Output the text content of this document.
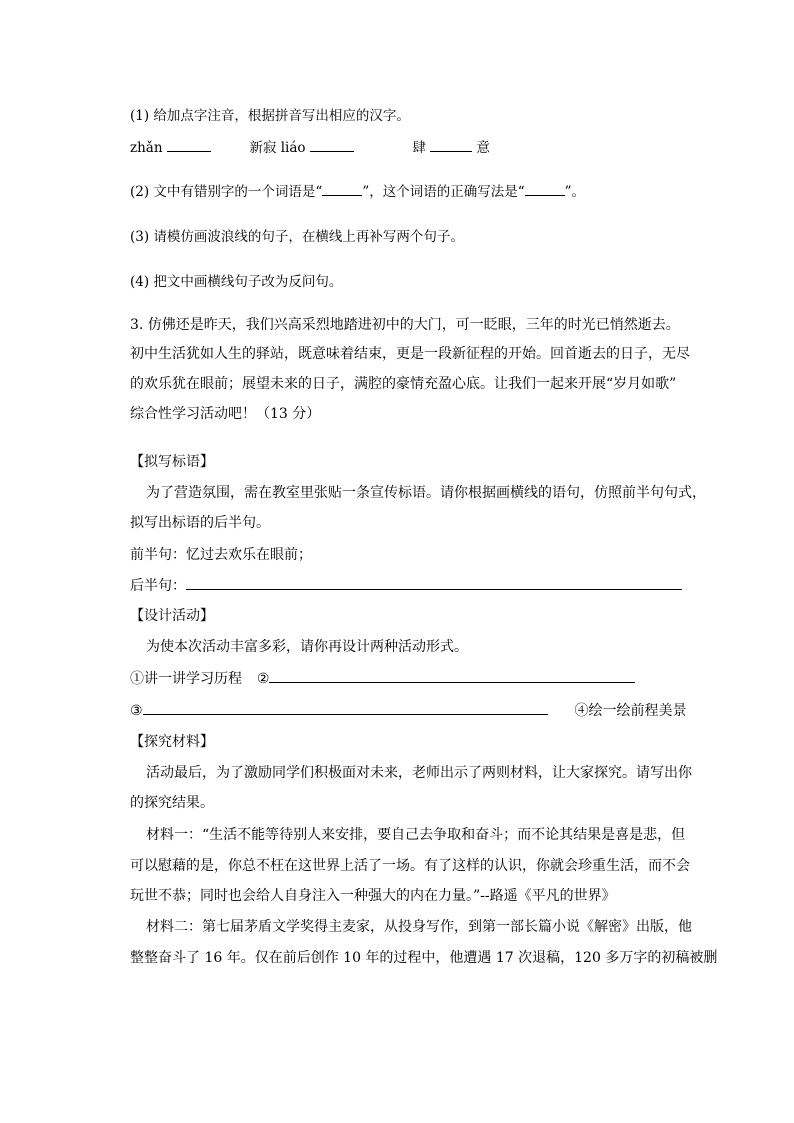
(1) 给加点字注音，根据拼音写出相应的汉字。
zhǎn	新寂 liáo	肆	意
(2) 文中有错别字的一个词语是“	”，这个词语的正确写法是“	”。
(3) 请模仿画波浪线的句子，在横线上再补写两个句子。
(4) 把文中画横线句子改为反问句。
3. 仿佛还是昨天，我们兴高采烈地踏进初中的大门，可一眨眼，三年的时光已悄然逝去。
初中生活犹如人生的驿站，既意味着结束，更是一段新征程的开始。回首逝去的日子，无尽
的欢乐犹在眼前；展望未来的日子，满腔的豪情充盈心底。让我们一起来开展“岁月如歌”
综合性学习活动吧！（13 分）
【拟写标语】
为了营造氛围，需在教室里张贴一条宣传标语。请你根据画横线的语句，仿照前半句句式，
拟写出标语的后半句。
前半句：忆过去欢乐在眼前；
后半句：
【设计活动】
为使本次活动丰富多彩，请你再设计两种活动形式。
①讲一讲学习历程 ②
③	④绘一绘前程美景
【探究材料】
活动最后，为了激励同学们积极面对未来，老师出示了两则材料，让大家探究。请写出你
的探究结果。
材料一：“生活不能等待别人来安排，要自己去争取和奋斗；而不论其结果是喜是悲，但
可以慰藉的是，你总不枉在这世界上活了一场。有了这样的认识，你就会珍重生活，而不会
玩世不恭；同时也会给人自身注入一种强大的内在力量。”--路遥《平凡的世界》
材料二：第七届茅盾文学奖得主麦家，从投身写作，到第一部长篇小说《解密》出版，他
整整奋斗了 16 年。仅在前后创作 10 年的过程中，他遭遇 17 次退稿，120 多万字的初稿被删
